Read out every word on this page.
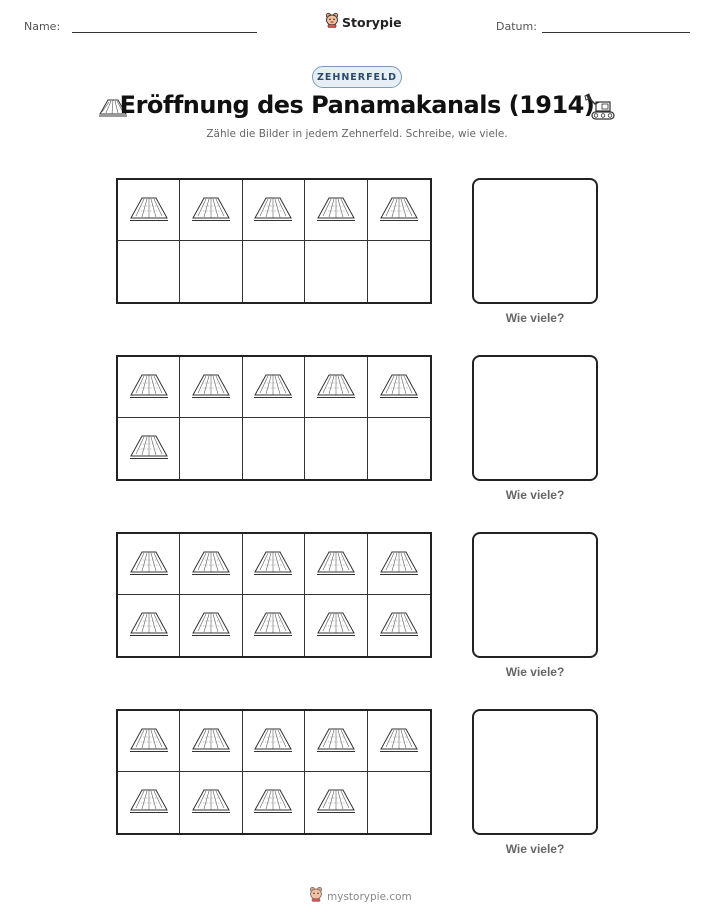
Name:	Storypie	Datum:
ZEHNERFELD
Eröffnung des Panamakanals (1914)
Zähle die Bilder in jedem Zehnerfeld. Schreibe, wie viele.
Wie viele?
Wie viele?
Wie viele?
Wie viele?
mystorypie.com
